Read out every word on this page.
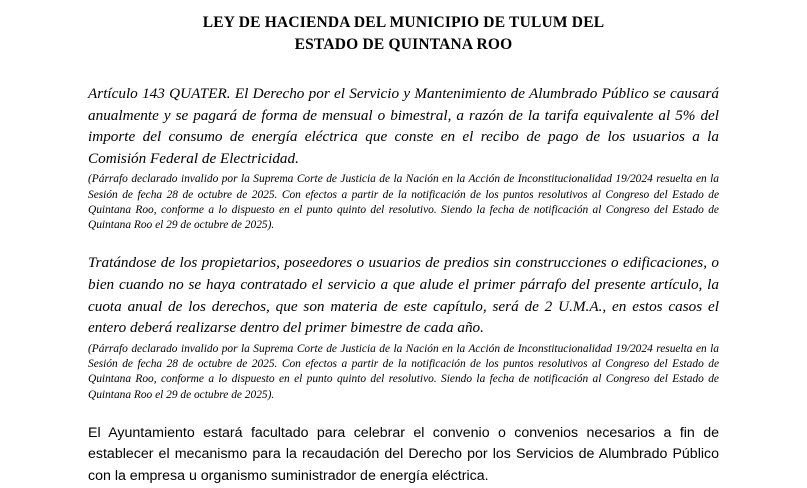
LEY DE HACIENDA DEL MUNICIPIO DE TULUM DEL
ESTADO DE QUINTANA ROO

Artículo 143 QUATER. El Derecho por el Servicio y Mantenimiento de Alumbrado Público se causará anualmente y se pagará de forma de mensual o bimestral, a razón de la tarifa equivalente al 5% del importe del consumo de energía eléctrica que conste en el recibo de pago de los usuarios a la Comisión Federal de Electricidad.

(Párrafo declarado invalido por la Suprema Corte de Justicia de la Nación en la Acción de Inconstitucionalidad 19/2024 resuelta en la Sesión de fecha 28 de octubre de 2025. Con efectos a partir de la notificación de los puntos resolutivos al Congreso del Estado de Quintana Roo, conforme a lo dispuesto en el punto quinto del resolutivo. Siendo la fecha de notificación al Congreso del Estado de Quintana Roo el 29 de octubre de 2025).

Tratándose de los propietarios, poseedores o usuarios de predios sin construcciones o edificaciones, o bien cuando no se haya contratado el servicio a que alude el primer párrafo del presente artículo, la cuota anual de los derechos, que son materia de este capítulo, será de 2 U.M.A., en estos casos el entero deberá realizarse dentro del primer bimestre de cada año.

(Párrafo declarado invalido por la Suprema Corte de Justicia de la Nación en la Acción de Inconstitucionalidad 19/2024 resuelta en la Sesión de fecha 28 de octubre de 2025. Con efectos a partir de la notificación de los puntos resolutivos al Congreso del Estado de Quintana Roo, conforme a lo dispuesto en el punto quinto del resolutivo. Siendo la fecha de notificación al Congreso del Estado de Quintana Roo el 29 de octubre de 2025).

El Ayuntamiento estará facultado para celebrar el convenio o convenios necesarios a fin de establecer el mecanismo para la recaudación del Derecho por los Servicios de Alumbrado Público con la empresa u organismo suministrador de energía eléctrica.
